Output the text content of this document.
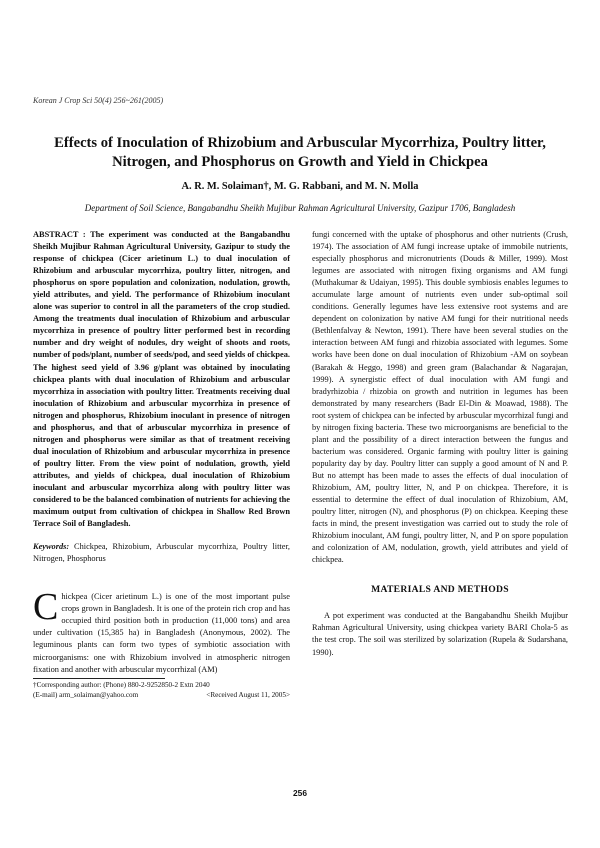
Korean J Crop Sci 50(4) 256~261(2005)
Effects of Inoculation of Rhizobium and Arbuscular Mycorrhiza, Poultry litter, Nitrogen, and Phosphorus on Growth and Yield in Chickpea
A. R. M. Solaiman†, M. G. Rabbani, and M. N. Molla
Department of Soil Science, Bangabandhu Sheikh Mujibur Rahman Agricultural University, Gazipur 1706, Bangladesh

ABSTRACT : The experiment was conducted at the Bangabandhu Sheikh Mujibur Rahman Agricultural University, Gazipur to study the response of chickpea (Cicer arietinum L.) to dual inoculation of Rhizobium and arbuscular mycorrhiza, poultry litter, nitrogen, and phosphorus on spore population and colonization, nodulation, growth, yield attributes, and yield. The performance of Rhizobium inoculant alone was superior to control in all the parameters of the crop studied. Among the treatments dual inoculation of Rhizobium and arbuscular mycorrhiza in presence of poultry litter performed best in recording number and dry weight of nodules, dry weight of shoots and roots, number of pods/plant, number of seeds/pod, and seed yields of chickpea. The highest seed yield of 3.96 g/plant was obtained by inoculating chickpea plants with dual inoculation of Rhizobium and arbuscular mycorrhiza in association with poultry litter. Treatments receiving dual inoculation of Rhizobium and arbuscular mycorrhiza in presence of nitrogen and phosphorus, Rhizobium inoculant in presence of nitrogen and phosphorus, and that of arbuscular mycorrhiza in presence of nitrogen and phosphorus were similar as that of treatment receiving dual inoculation of Rhizobium and arbuscular mycorrhiza in presence of poultry litter. From the view point of nodulation, growth, yield attributes, and yields of chickpea, dual inoculation of Rhizobium inoculant and arbuscular mycorrhiza along with poultry litter was considered to be the balanced combination of nutrients for achieving the maximum output from cultivation of chickpea in Shallow Red Brown Terrace Soil of Bangladesh.

Keywords: Chickpea, Rhizobium, Arbuscular mycorrhiza, Poultry litter, Nitrogen, Phosphorus
C hickpea (Cicer arietinum L.) is one of the most important pulse crops grown in Bangladesh. It is one of the protein rich crop and has occupied third position both in production (11,000 tons) and area under cultivation (15,385 ha) in Bangladesh (Anonymous, 2002). The leguminous plants can form two types of symbiotic association with microorganisms: one with Rhizobium involved in atmospheric nitrogen fixation and another with arbuscular mycorrhizal (AM)
†Corresponding author: (Phone) 880-2-9252850-2 Extn 2040
(E-mail) arm_solaiman@yahoo.com	<Received August 11, 2005>

fungi concerned with the uptake of phosphorus and other nutrients (Crush, 1974). The association of AM fungi increase uptake of immobile nutrients, especially phosphorus and micronutrients (Douds & Miller, 1999). Most legumes are associated with nitrogen fixing organisms and AM fungi (Muthakumar & Udaiyan, 1995). This double symbiosis enables legumes to accumulate large amount of nutrients even under sub-optimal soil conditions. Generally legumes have less extensive root systems and are dependent on colonization by native AM fungi for their nutritional needs (Bethlenfalvay & Newton, 1991). There have been several studies on the interaction between AM fungi and rhizobia associated with legumes. Some works have been done on dual inoculation of Rhizobium -AM on soybean (Barakah & Heggo, 1998) and green gram (Balachandar & Nagarajan, 1999). A synergistic effect of dual inoculation with AM fungi and bradyrhizobia / rhizobia on growth and nutrition in legumes has been demonstrated by many researchers (Badr El-Din & Moawad, 1988). The root system of chickpea can be infected by arbuscular mycorrhizal fungi and by nitrogen fixing bacteria. These two microorganisms are beneficial to the plant and the possibility of a direct interaction between the fungus and bacterium was considered. Organic farming with poultry litter is gaining popularity day by day. Poultry litter can supply a good amount of N and P. But no attempt has been made to asses the effects of dual inoculation of Rhizobium, AM, poultry litter, N, and P on chickpea. Therefore, it is essential to determine the effect of dual inoculation of Rhizobium, AM, poultry litter, nitrogen (N), and phosphorus (P) on chickpea. Keeping these facts in mind, the present investigation was carried out to study the role of Rhizobium inoculant, AM fungi, poultry litter, N, and P on spore population and colonization of AM, nodulation, growth, yield attributes and yield of chickpea.

MATERIALS AND METHODS

A pot experiment was conducted at the Bangabandhu Sheikh Mujibur Rahman Agricultural University, using chickpea variety BARI Chola-5 as the test crop. The soil was sterilized by solarization (Rupela & Sudarshana, 1990).

256
